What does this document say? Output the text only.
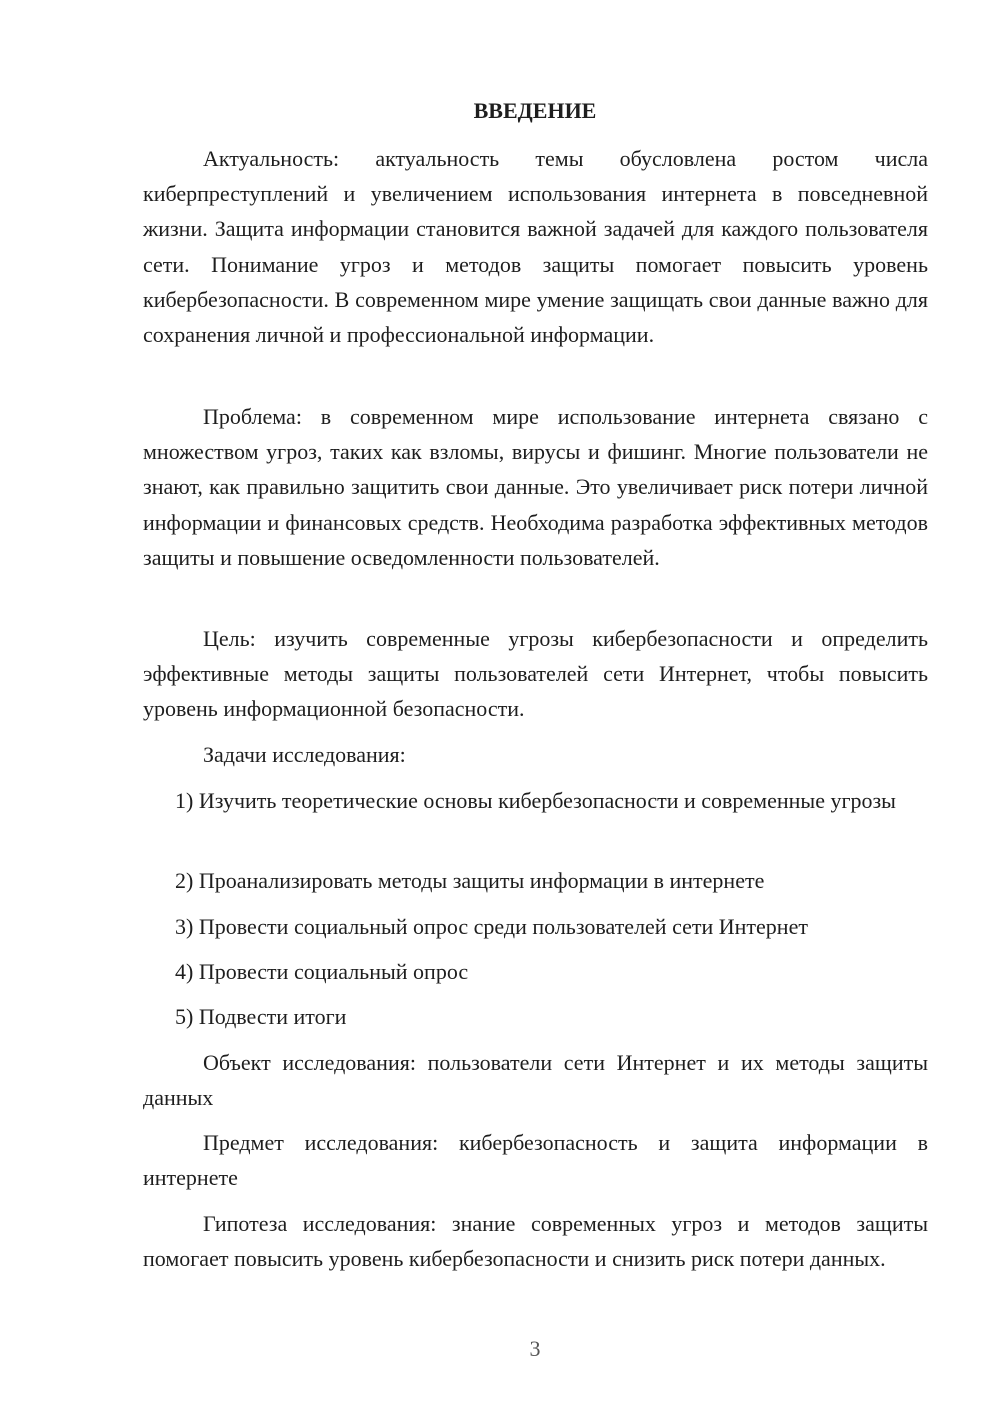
ВВЕДЕНИЕ

Актуальность: актуальность темы обусловлена ростом числа киберпреступлений и увеличением использования интернета в повседневной жизни. Защита информации становится важной задачей для каждого пользователя сети. Понимание угроз и методов защиты помогает повысить уровень кибербезопасности. В современном мире умение защищать свои данные важно для сохранения личной и профессиональной информации.

Проблема: в современном мире использование интернета связано с множеством угроз, таких как взломы, вирусы и фишинг. Многие пользователи не знают, как правильно защитить свои данные. Это увеличивает риск потери личной информации и финансовых средств. Необходима разработка эффективных методов защиты и повышение осведомленности пользователей.

Цель: изучить современные угрозы кибербезопасности и определить эффективные методы защиты пользователей сети Интернет, чтобы повысить уровень информационной безопасности.

Задачи исследования:

1) Изучить теоретические основы кибербезопасности и современные угрозы

2) Проанализировать методы защиты информации в интернете

3) Провести социальный опрос среди пользователей сети Интернет

4) Провести социальный опрос

5) Подвести итоги

Объект исследования: пользователи сети Интернет и их методы защиты данных

Предмет исследования: кибербезопасность и защита информации в интернете

Гипотеза исследования: знание современных угроз и методов защиты помогает повысить уровень кибербезопасности и снизить риск потери данных.

3
